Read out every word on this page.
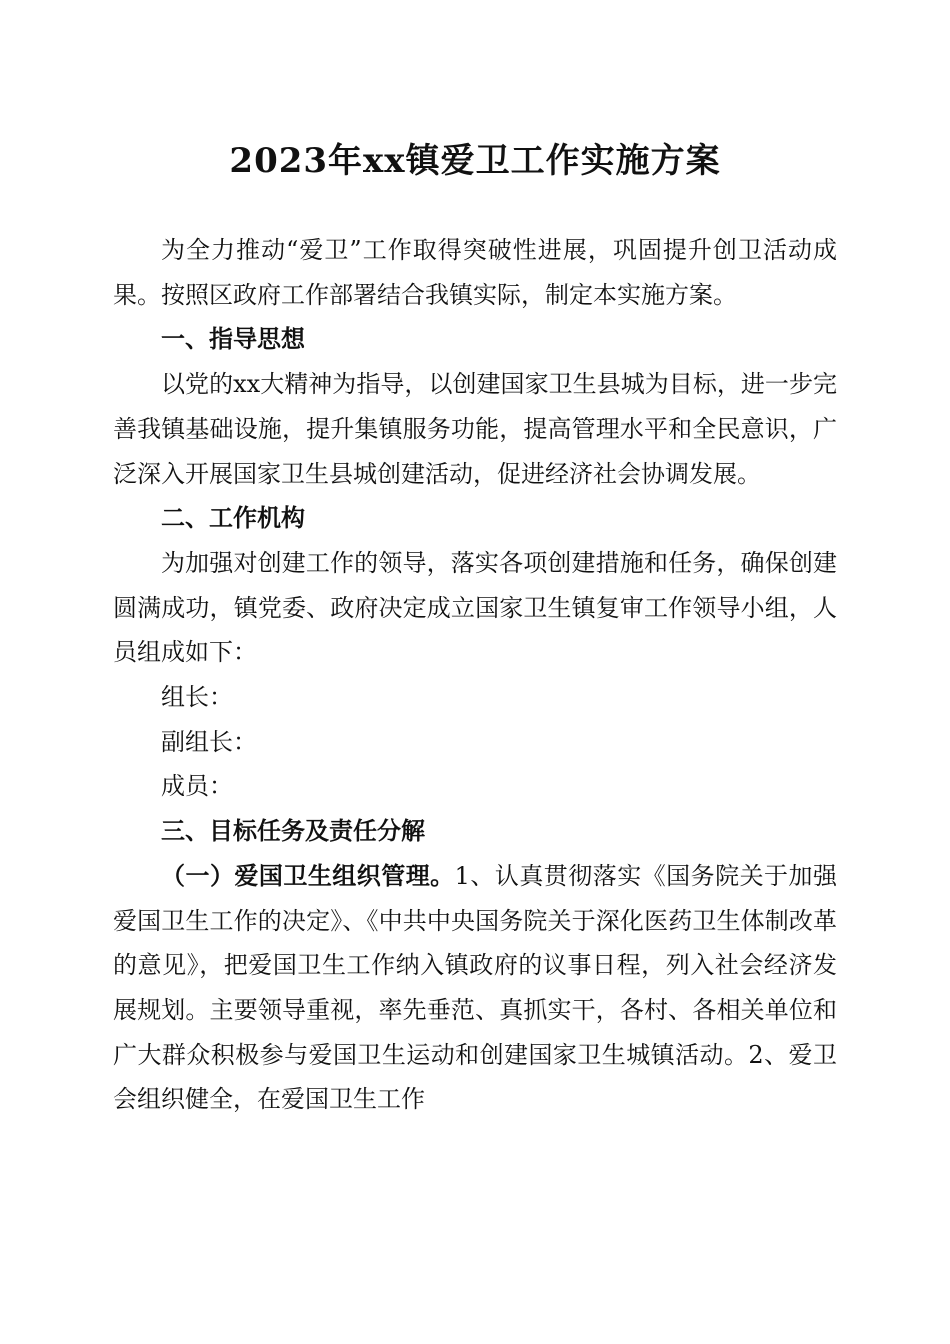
2023年xx镇爱卫工作实施方案

为全力推动“爱卫”工作取得突破性进展，巩固提升创卫活动成果。按照区政府工作部署结合我镇实际，制定本实施方案。

一、指导思想

以党的xx大精神为指导，以创建国家卫生县城为目标，进一步完善我镇基础设施，提升集镇服务功能，提高管理水平和全民意识，广泛深入开展国家卫生县城创建活动，促进经济社会协调发展。

二、工作机构

为加强对创建工作的领导，落实各项创建措施和任务，确保创建圆满成功，镇党委、政府决定成立国家卫生镇复审工作领导小组，人员组成如下：

组长：

副组长：

成员：

三、目标任务及责任分解

（一）爱国卫生组织管理。1、认真贯彻落实《国务院关于加强爱国卫生工作的决定》、《中共中央国务院关于深化医药卫生体制改革的意见》，把爱国卫生工作纳入镇政府的议事日程，列入社会经济发展规划。主要领导重视，率先垂范、真抓实干，各村、各相关单位和广大群众积极参与爱国卫生运动和创建国家卫生城镇活动。2、爱卫会组织健全，在爱国卫生工作
